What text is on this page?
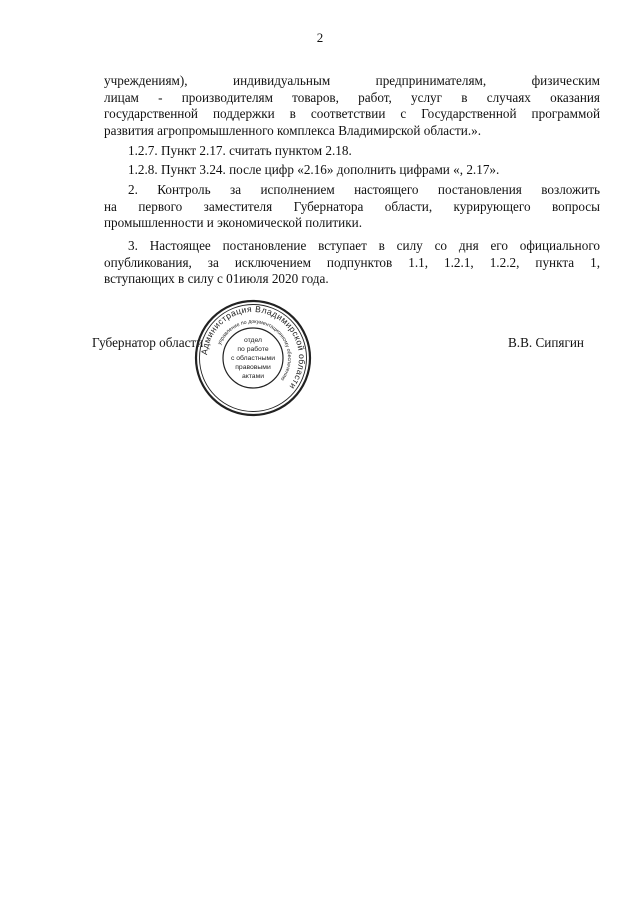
2

учреждениям), индивидуальным предпринимателям, физическим

лицам - производителям товаров, работ, услуг в случаях оказания

государственной поддержки в соответствии с Государственной программой

развития агропромышленного комплекса Владимирской области.».

1.2.7. Пункт 2.17. считать пунктом 2.18.

1.2.8. Пункт 3.24. после цифр «2.16» дополнить цифрами «, 2.17».

2. Контроль за исполнением настоящего постановления возложить

на первого заместителя Губернатора области, курирующего вопросы

промышленности и экономической политики.

3. Настоящее постановление вступает в силу со дня его официального

опубликования, за исключением подпунктов 1.1, 1.2.1, 1.2.2, пункта 1,

вступающих в силу с 01июля 2020 года.

Губернатор области	В.В. Сипягин
Администрация Владимирской области
управление по документационному обеспечению
отдел
по работе
с областными
правовыми
актами
